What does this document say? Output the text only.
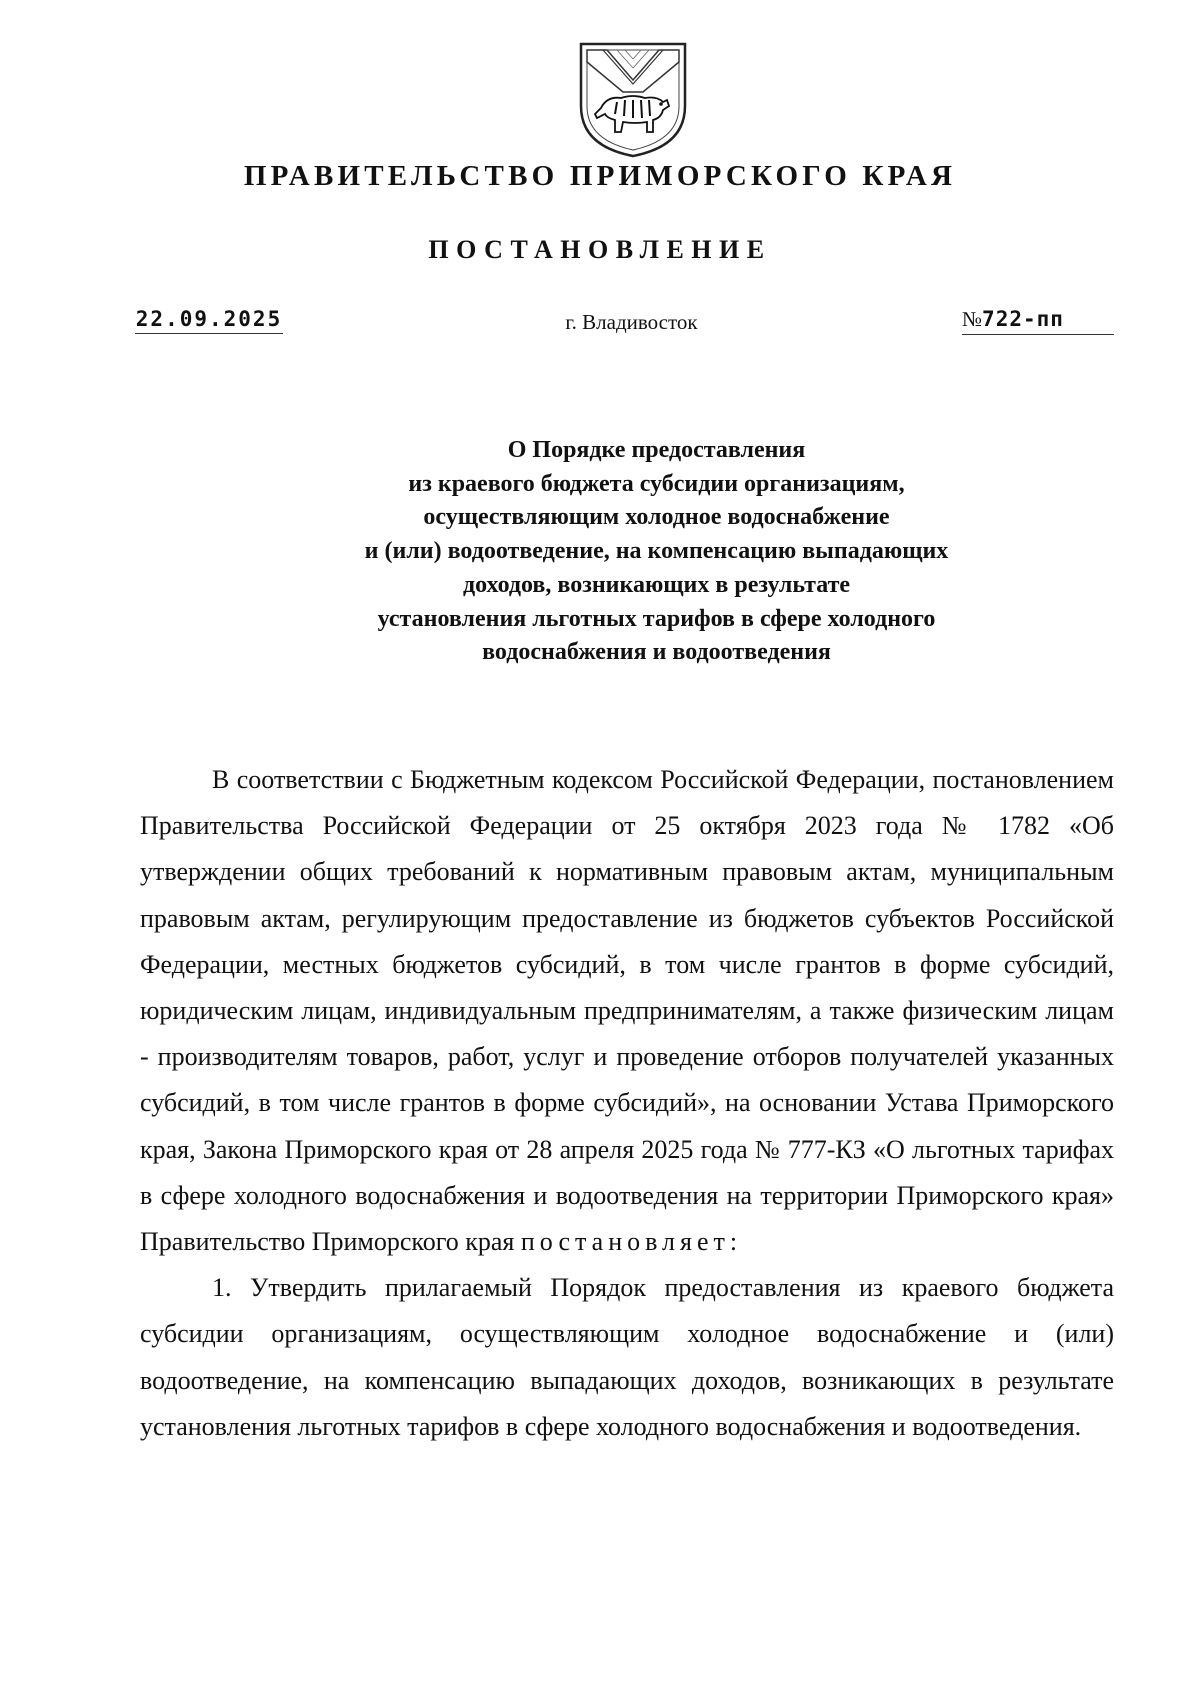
ПРАВИТЕЛЬСТВО ПРИМОРСКОГО КРАЯ
ПОСТАНОВЛЕНИЕ
22.09.2025	г. Владивосток	№722-пп
О Порядке предоставления
из краевого бюджета субсидии организациям,
осуществляющим холодное водоснабжение
и (или) водоотведение, на компенсацию выпадающих
доходов, возникающих в результате
установления льготных тарифов в сфере холодного
водоснабжения и водоотведения

В соответствии с Бюджетным кодексом Российской Федерации, постановлением Правительства Российской Федерации от 25 октября 2023 года № 1782 «Об утверждении общих требований к нормативным правовым актам, муниципальным правовым актам, регулирующим предоставление из бюджетов субъектов Российской Федерации, местных бюджетов субсидий, в том числе грантов в форме субсидий, юридическим лицам, индивидуальным предпринимателям, а также физическим лицам - производителям товаров, работ, услуг и проведение отборов получателей указанных субсидий, в том числе грантов в форме субсидий», на основании Устава Приморского края, Закона Приморского края от 28 апреля 2025 года № 777-КЗ «О льготных тарифах в сфере холодного водоснабжения и водоотведения на территории Приморского края» Правительство Приморского края постановляет:

1. Утвердить прилагаемый Порядок предоставления из краевого бюджета субсидии организациям, осуществляющим холодное водоснабжение и (или) водоотведение, на компенсацию выпадающих доходов, возникающих в результате установления льготных тарифов в сфере холодного водоснабжения и водоотведения.
